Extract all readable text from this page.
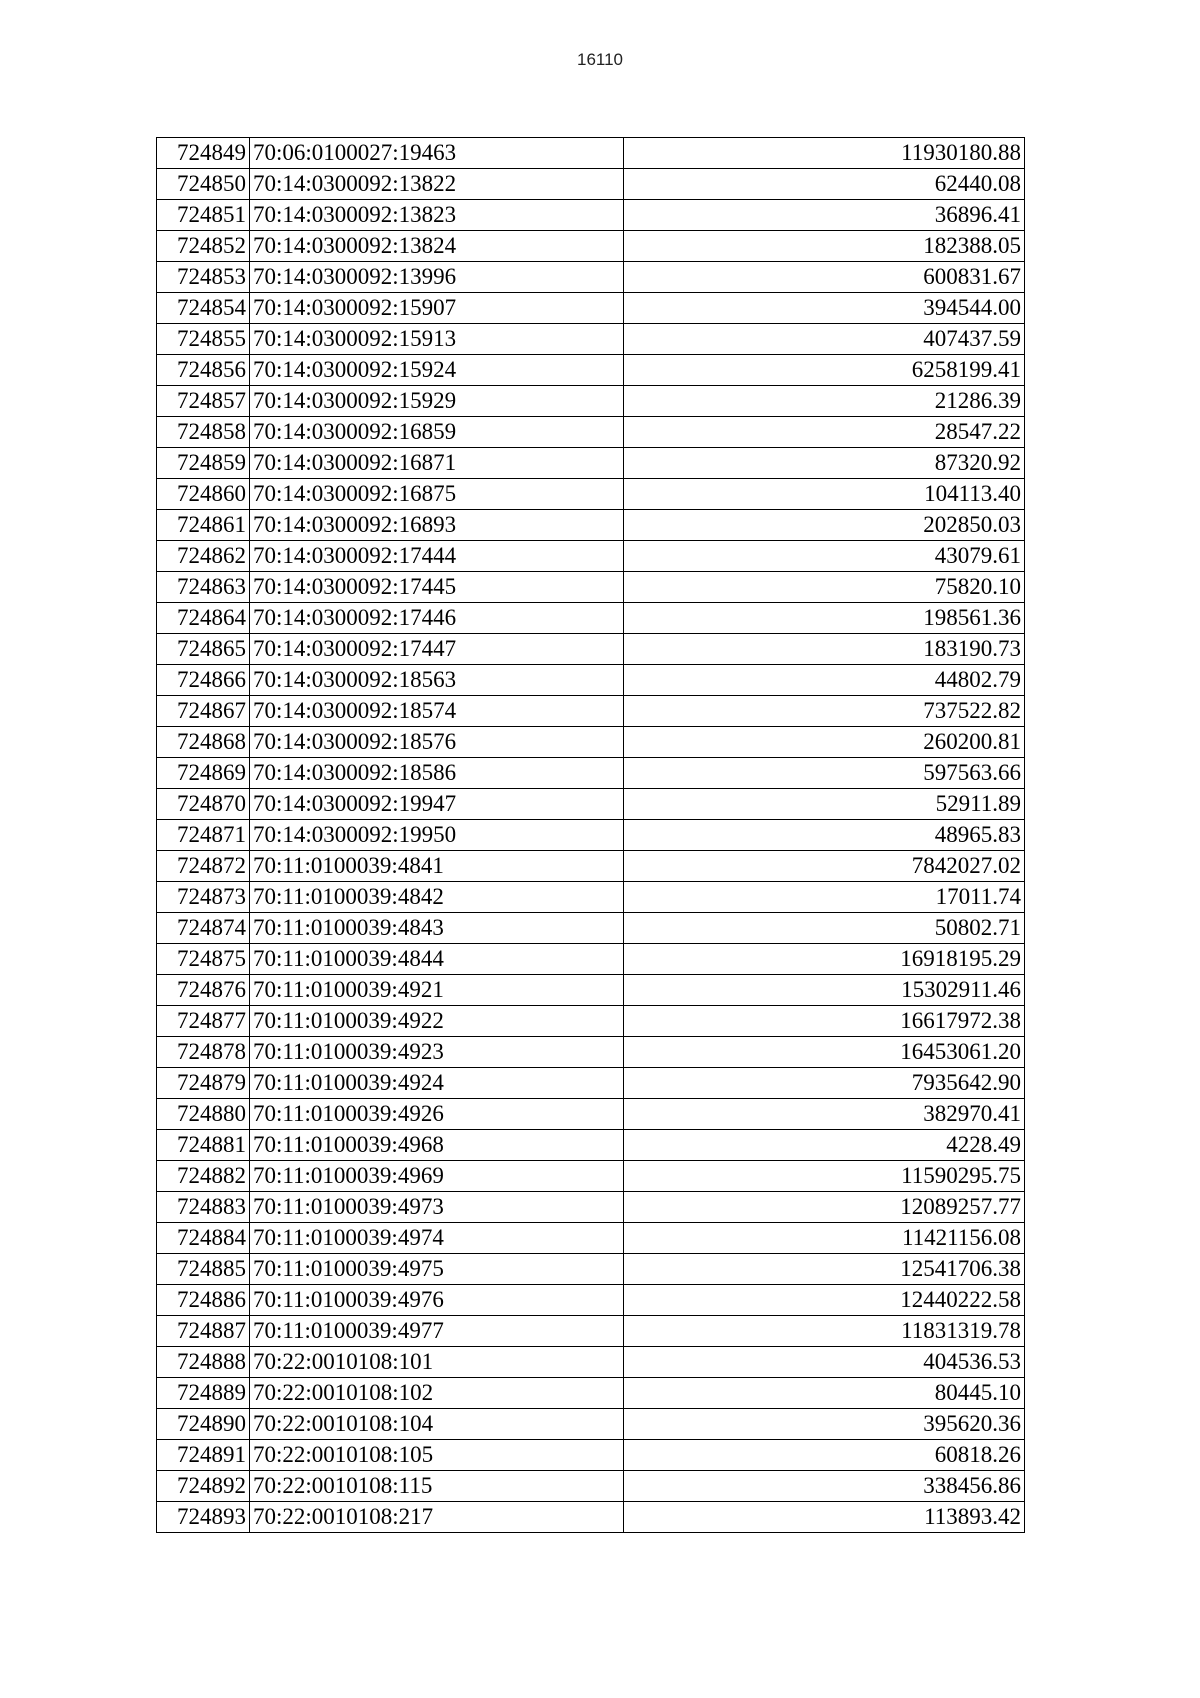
16110
724849	70:06:0100027:19463	11930180.88
724850	70:14:0300092:13822	62440.08
724851	70:14:0300092:13823	36896.41
724852	70:14:0300092:13824	182388.05
724853	70:14:0300092:13996	600831.67
724854	70:14:0300092:15907	394544.00
724855	70:14:0300092:15913	407437.59
724856	70:14:0300092:15924	6258199.41
724857	70:14:0300092:15929	21286.39
724858	70:14:0300092:16859	28547.22
724859	70:14:0300092:16871	87320.92
724860	70:14:0300092:16875	104113.40
724861	70:14:0300092:16893	202850.03
724862	70:14:0300092:17444	43079.61
724863	70:14:0300092:17445	75820.10
724864	70:14:0300092:17446	198561.36
724865	70:14:0300092:17447	183190.73
724866	70:14:0300092:18563	44802.79
724867	70:14:0300092:18574	737522.82
724868	70:14:0300092:18576	260200.81
724869	70:14:0300092:18586	597563.66
724870	70:14:0300092:19947	52911.89
724871	70:14:0300092:19950	48965.83
724872	70:11:0100039:4841	7842027.02
724873	70:11:0100039:4842	17011.74
724874	70:11:0100039:4843	50802.71
724875	70:11:0100039:4844	16918195.29
724876	70:11:0100039:4921	15302911.46
724877	70:11:0100039:4922	16617972.38
724878	70:11:0100039:4923	16453061.20
724879	70:11:0100039:4924	7935642.90
724880	70:11:0100039:4926	382970.41
724881	70:11:0100039:4968	4228.49
724882	70:11:0100039:4969	11590295.75
724883	70:11:0100039:4973	12089257.77
724884	70:11:0100039:4974	11421156.08
724885	70:11:0100039:4975	12541706.38
724886	70:11:0100039:4976	12440222.58
724887	70:11:0100039:4977	11831319.78
724888	70:22:0010108:101	404536.53
724889	70:22:0010108:102	80445.10
724890	70:22:0010108:104	395620.36
724891	70:22:0010108:105	60818.26
724892	70:22:0010108:115	338456.86
724893	70:22:0010108:217	113893.42
